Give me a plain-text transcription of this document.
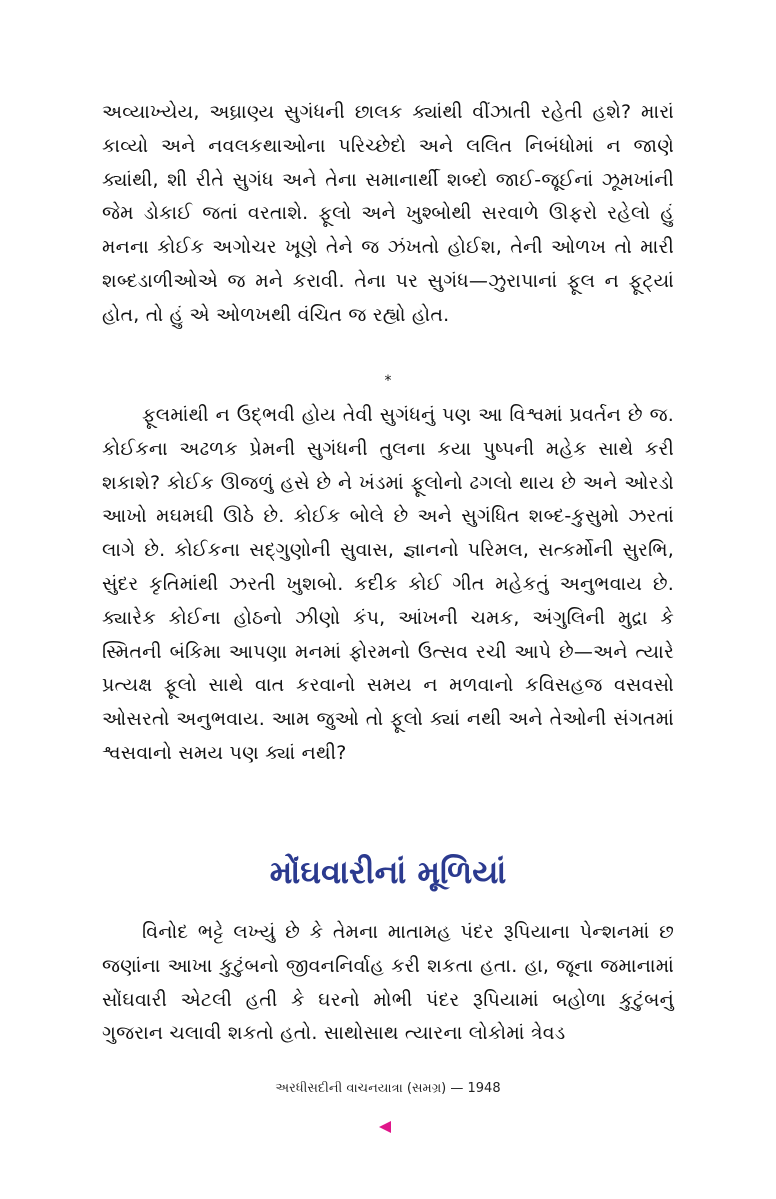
અવ્યાખ્યેય, અઘ્રાણ્ય સુગંધની છાલક ક્યાંથી વીંઝાતી રહેતી હશે? મારાં કાવ્યો અને નવલકથાઓના પરિચ્છેદો અને લલિત નિબંધોમાં ન જાણે ક્યાંથી, શી રીતે સુગંધ અને તેના સમાનાર્થી શબ્દો જાઈ-જૂઈનાં ઝૂમખાંની જેમ ડોકાઈ જતાં વરતાશે. ફૂલો અને ખુશ્બોથી સરવાળે ઊફરો રહેલો હું મનના કોઈક અગોચર ખૂણે તેને જ ઝંખતો હોઈશ, તેની ઓળખ તો મારી શબ્દડાળીઓએ જ મને કરાવી. તેના પર સુગંધ—ઝુરાપાનાં ફૂલ ન ફૂટ્યાં હોત, તો હું એ ઓળખથી વંચિત જ રહ્યો હોત.

*

ફૂલમાંથી ન ઉદ્ભવી હોય તેવી સુગંધનું પણ આ વિશ્વમાં પ્રવર્તન છે જ. કોઈકના અઢળક પ્રેમની સુગંધની તુલના કયા પુષ્પની મહેક સાથે કરી શકાશે? કોઈક ઊજળું હસે છે ને ખંડમાં ફૂલોનો ઢગલો થાય છે અને ઓરડો આખો મઘમઘી ઊઠે છે. કોઈક બોલે છે અને સુગંધિત શબ્દ-કુસુમો ઝરતાં લાગે છે. કોઈકના સદ્ગુણોની સુવાસ, જ્ઞાનનો પરિમલ, સત્કર્મોની સુરભિ, સુંદર કૃતિમાંથી ઝરતી ખુશબો. કદીક કોઈ ગીત મહેકતું અનુભવાય છે. ક્યારેક કોઈના હોઠનો ઝીણો કંપ, આંખની ચમક, અંગુલિની મુદ્રા કે સ્મિતની બંકિમા આપણા મનમાં ફોરમનો ઉત્સવ રચી આપે છે—અને ત્યારે પ્રત્યક્ષ ફૂલો સાથે વાત કરવાનો સમય ન મળવાનો કવિસહજ વસવસો ઓસરતો અનુભવાય. આમ જુઓ તો ફૂલો ક્યાં નથી અને તેઓની સંગતમાં શ્વસવાનો સમય પણ ક્યાં નથી?

મોંઘવારીનાં મૂળિયાં

વિનોદ ભટ્ટે લખ્યું છે કે તેમના માતામહ પંદર રૂપિયાના પેન્શનમાં છ જણાંના આખા કુટુંબનો જીવનનિર્વાહ કરી શકતા હતા. હા, જૂના જમાનામાં સોંઘવારી એટલી હતી કે ઘરનો મોભી પંદર રૂપિયામાં બહોળા કુટુંબનું ગુજરાન ચલાવી શકતો હતો. સાથોસાથ ત્યારના લોકોમાં ત્રેવડ

અરધીસદીની વાચનયાત્રા (સમગ્ર) — 1948
